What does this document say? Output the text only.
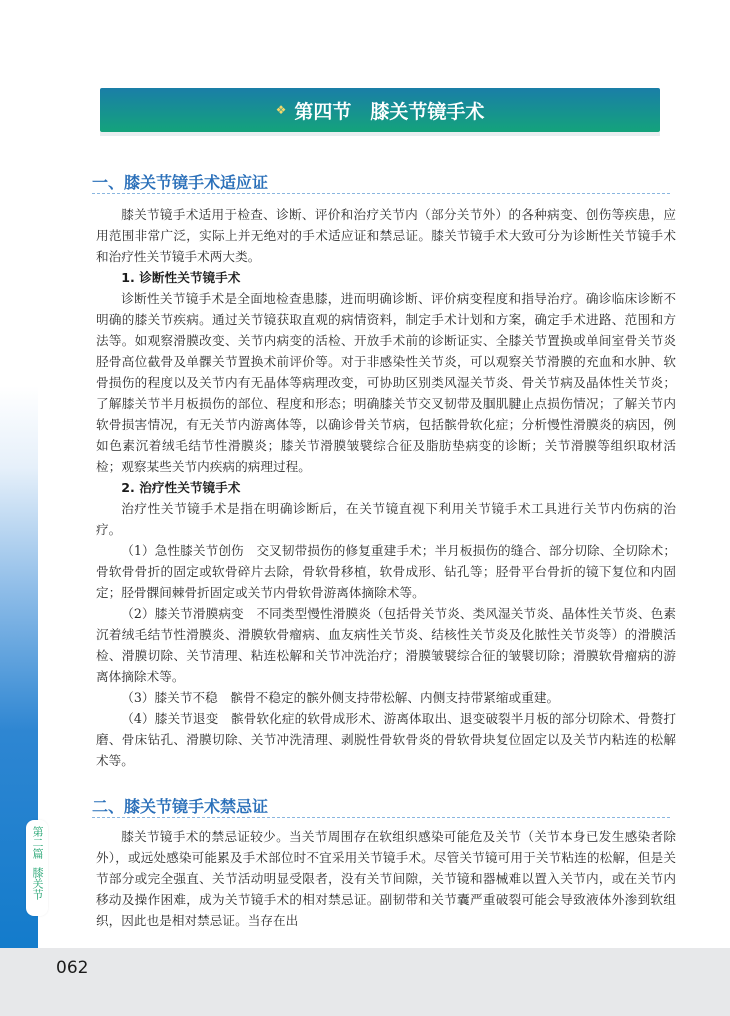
❖ 第四节　膝关节镜手术
一、膝关节镜手术适应证

膝关节镜手术适用于检查、诊断、评价和治疗关节内（部分关节外）的各种病变、创伤等疾患，应用范围非常广泛，实际上并无绝对的手术适应证和禁忌证。膝关节镜手术大致可分为诊断性关节镜手术和治疗性关节镜手术两大类。

1. 诊断性关节镜手术

诊断性关节镜手术是全面地检查患膝，进而明确诊断、评价病变程度和指导治疗。确诊临床诊断不明确的膝关节疾病。通过关节镜获取直观的病情资料，制定手术计划和方案，确定手术进路、范围和方法等。如观察滑膜改变、关节内病变的活检、开放手术前的诊断证实、全膝关节置换或单间室骨关节炎胫骨高位截骨及单髁关节置换术前评价等。对于非感染性关节炎，可以观察关节滑膜的充血和水肿、软骨损伤的程度以及关节内有无晶体等病理改变，可协助区别类风湿关节炎、骨关节病及晶体性关节炎；了解膝关节半月板损伤的部位、程度和形态；明确膝关节交叉韧带及腘肌腱止点损伤情况；了解关节内软骨损害情况，有无关节内游离体等，以确诊骨关节病，包括髌骨软化症；分析慢性滑膜炎的病因，例如色素沉着绒毛结节性滑膜炎；膝关节滑膜皱襞综合征及脂肪垫病变的诊断；关节滑膜等组织取材活检；观察某些关节内疾病的病理过程。

2. 治疗性关节镜手术

治疗性关节镜手术是指在明确诊断后，在关节镜直视下利用关节镜手术工具进行关节内伤病的治疗。

（1）急性膝关节创伤　交叉韧带损伤的修复重建手术；半月板损伤的缝合、部分切除、全切除术；骨软骨骨折的固定或软骨碎片去除，骨软骨移植，软骨成形、钻孔等；胫骨平台骨折的镜下复位和内固定；胫骨髁间棘骨折固定或关节内骨软骨游离体摘除术等。

（2）膝关节滑膜病变　不同类型慢性滑膜炎（包括骨关节炎、类风湿关节炎、晶体性关节炎、色素沉着绒毛结节性滑膜炎、滑膜软骨瘤病、血友病性关节炎、结核性关节炎及化脓性关节炎等）的滑膜活检、滑膜切除、关节清理、粘连松解和关节冲洗治疗；滑膜皱襞综合征的皱襞切除；滑膜软骨瘤病的游离体摘除术等。

（3）膝关节不稳　髌骨不稳定的髌外侧支持带松解、内侧支持带紧缩或重建。

（4）膝关节退变　髌骨软化症的软骨成形术、游离体取出、退变破裂半月板的部分切除术、骨赘打磨、骨床钻孔、滑膜切除、关节冲洗清理、剥脱性骨软骨炎的骨软骨块复位固定以及关节内粘连的松解术等。

二、膝关节镜手术禁忌证

膝关节镜手术的禁忌证较少。当关节周围存在软组织感染可能危及关节（关节本身已发生感染者除外），或远处感染可能累及手术部位时不宜采用关节镜手术。尽管关节镜可用于关节粘连的松解，但是关节部分或完全强直、关节活动明显受限者，没有关节间隙，关节镜和器械难以置入关节内，或在关节内移动及操作困难，成为关节镜手术的相对禁忌证。副韧带和关节囊严重破裂可能会导致液体外渗到软组织，因此也是相对禁忌证。当存在出

第二篇
膝关节
062
